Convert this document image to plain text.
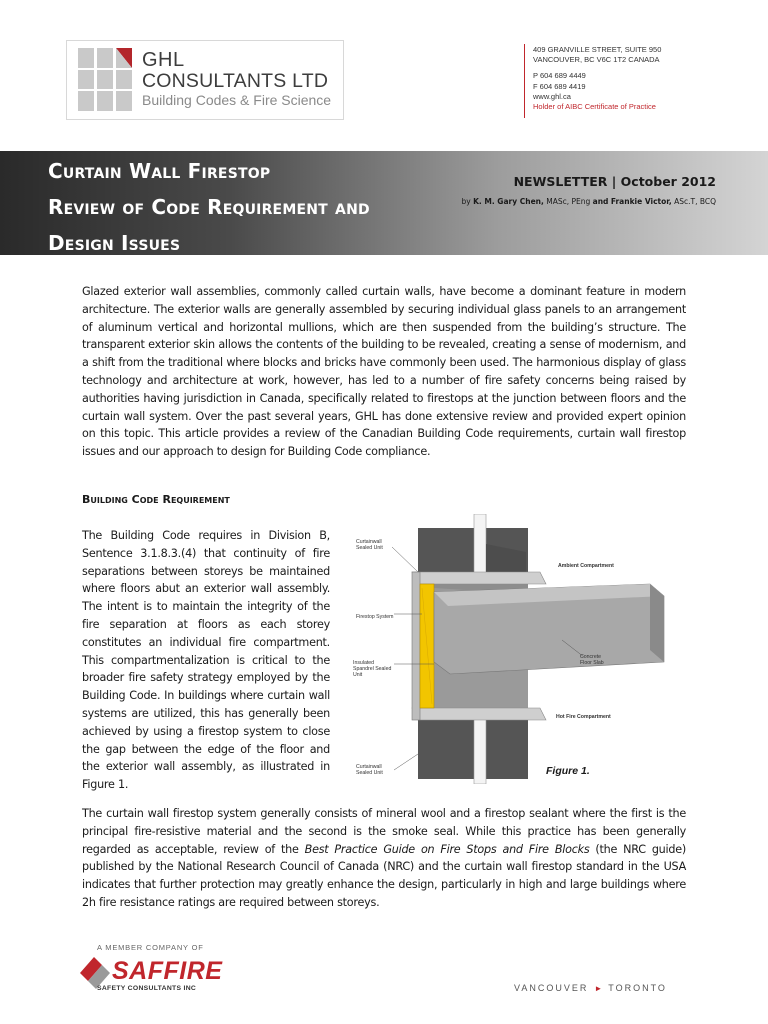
GHL
CONSULTANTS LTD
Building Codes & Fire Science
409 GRANVILLE STREET, SUITE 950
VANCOUVER, BC V6C 1T2 CANADA
P 604 689 4449
F 604 689 4419
www.ghl.ca
Holder of AIBC Certificate of Practice
Curtain Wall Firestop
Review of Code Requirement and
Design Issues
NEWSLETTER | October 2012
by K. M. Gary Chen, MASc, PEng and Frankie Victor, ASc.T, BCQ

Glazed exterior wall assemblies, commonly called curtain walls, have become a dominant feature in modern architecture. The exterior walls are generally assembled by securing individual glass panels to an arrangement of aluminum vertical and horizontal mullions, which are then suspended from the building’s structure. The transparent exterior skin allows the contents of the building to be revealed, creating a sense of modernism, and a shift from the traditional where blocks and bricks have commonly been used. The harmonious display of glass technology and architecture at work, however, has led to a number of fire safety concerns being raised by authorities having jurisdiction in Canada, specifically related to firestops at the junction between floors and the curtain wall system. Over the past several years, GHL has done extensive review and provided expert opinion on this topic. This article provides a review of the Canadian Building Code requirements, curtain wall firestop issues and our approach to design for Building Code compliance.

Building Code Requirement

The Building Code requires in Division B, Sentence 3.1.8.3.(4) that continuity of fire separations between storeys be maintained where floors abut an exterior wall assembly. The intent is to maintain the integrity of the fire separation at floors as each storey constitutes an individual fire compartment. This compartmentalization is critical to the broader fire safety strategy employed by the Building Code. In buildings where curtain wall systems are utilized, this has generally been achieved by using a firestop system to close the gap between the edge of the floor and the exterior wall assembly, as illustrated in Figure 1.

Curtainwall Sealed Unit
Firestop System
Insulated Spandrel Sealed Unit
Curtainwall Sealed Unit
Ambient Compartment
Concrete Floor Slab
Hot Fire Compartment
Figure 1.

The curtain wall firestop system generally consists of mineral wool and a firestop sealant where the first is the principal fire-resistive material and the second is the smoke seal. While this practice has been generally regarded as acceptable, review of the Best Practice Guide on Fire Stops and Fire Blocks (the NRC guide) published by the National Research Council of Canada (NRC) and the curtain wall firestop standard in the USA indicates that further protection may greatly enhance the design, particularly in high and large buildings where 2h fire resistance ratings are required between storeys.

A MEMBER COMPANY OF
SAFFIRE
SAFETY CONSULTANTS INC	VANCOUVER ► TORONTO
